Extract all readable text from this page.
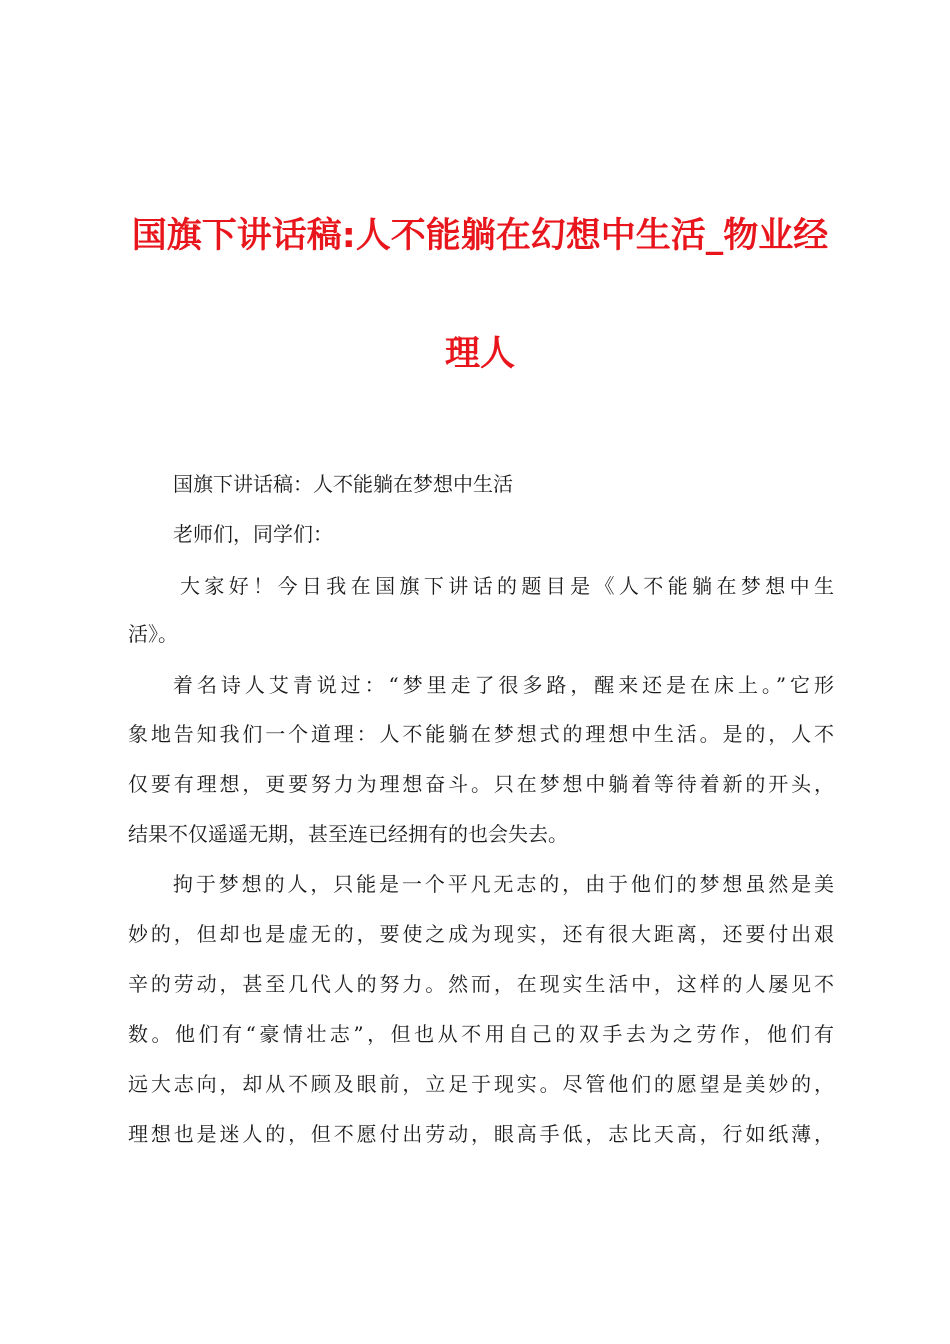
国旗下讲话稿:人不能躺在幻想中生活_物业经
理人

国旗下讲话稿：人不能躺在梦想中生活

老师们，同学们：

大家好！今日我在国旗下讲话的题目是《人不能躺在梦想中生

活》。

着名诗人艾青说过：“梦里走了很多路，醒来还是在床上。”它形

象地告知我们一个道理：人不能躺在梦想式的理想中生活。是的，人不

仅要有理想，更要努力为理想奋斗。只在梦想中躺着等待着新的开头，

结果不仅遥遥无期，甚至连已经拥有的也会失去。

拘于梦想的人，只能是一个平凡无志的，由于他们的梦想虽然是美

妙的，但却也是虚无的，要使之成为现实，还有很大距离，还要付出艰

辛的劳动，甚至几代人的努力。然而，在现实生活中，这样的人屡见不

数。他们有“豪情壮志”，但也从不用自己的双手去为之劳作，他们有

远大志向，却从不顾及眼前，立足于现实。尽管他们的愿望是美妙的，

理想也是迷人的，但不愿付出劳动，眼高手低，志比天高，行如纸薄，
